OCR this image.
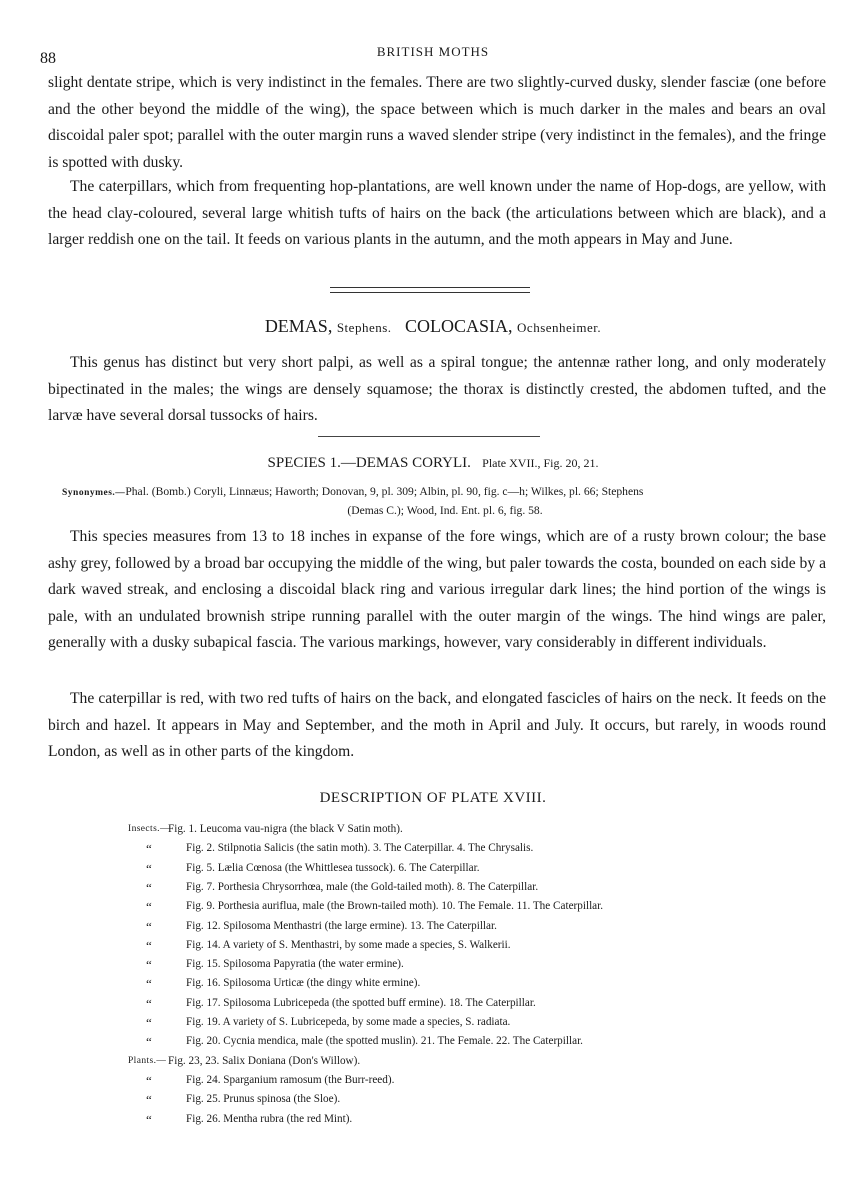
88	BRITISH MOTHS

slight dentate stripe, which is very indistinct in the females. There are two slightly-curved dusky, slender fasciæ (one before and the other beyond the middle of the wing), the space between which is much darker in the males and bears an oval discoidal paler spot; parallel with the outer margin runs a waved slender stripe (very indistinct in the females), and the fringe is spotted with dusky.

The caterpillars, which from frequenting hop-plantations, are well known under the name of Hop-dogs, are yellow, with the head clay-coloured, several large whitish tufts of hairs on the back (the articulations between which are black), and a larger reddish one on the tail. It feeds on various plants in the autumn, and the moth appears in May and June.

DEMAS, Stephens. COLOCASIA, Ochsenheimer.

This genus has distinct but very short palpi, as well as a spiral tongue; the antennæ rather long, and only moderately bipectinated in the males; the wings are densely squamose; the thorax is distinctly crested, the abdomen tufted, and the larvæ have several dorsal tussocks of hairs.

SPECIES 1.—DEMAS CORYLI. Plate XVII., Fig. 20, 21.
Synonymes.—Phal. (Bomb.) Coryli, Linnæus; Haworth; Donovan, 9, pl. 309; Albin, pl. 90, fig. c—h; Wilkes, pl. 66; Stephens
(Demas C.); Wood, Ind. Ent. pl. 6, fig. 58.

This species measures from 13 to 18 inches in expanse of the fore wings, which are of a rusty brown colour; the base ashy grey, followed by a broad bar occupying the middle of the wing, but paler towards the costa, bounded on each side by a dark waved streak, and enclosing a discoidal black ring and various irregular dark lines; the hind portion of the wings is pale, with an undulated brownish stripe running parallel with the outer margin of the wings. The hind wings are paler, generally with a dusky subapical fascia. The various markings, however, vary considerably in different individuals.

The caterpillar is red, with two red tufts of hairs on the back, and elongated fascicles of hairs on the neck. It feeds on the birch and hazel. It appears in May and September, and the moth in April and July. It occurs, but rarely, in woods round London, as well as in other parts of the kingdom.

DESCRIPTION OF PLATE XVIII.
Insects.—
Fig. 1. Leucoma vau-nigra (the black V Satin moth).
“	Fig. 2. Stilpnotia Salicis (the satin moth). 3. The Caterpillar. 4. The Chrysalis.
“	Fig. 5. Lælia Cœnosa (the Whittlesea tussock). 6. The Caterpillar.
“	Fig. 7. Porthesia Chrysorrhœa, male (the Gold-tailed moth). 8. The Caterpillar.
“	Fig. 9. Porthesia auriflua, male (the Brown-tailed moth). 10. The Female. 11. The Caterpillar.
“	Fig. 12. Spilosoma Menthastri (the large ermine). 13. The Caterpillar.
“	Fig. 14. A variety of S. Menthastri, by some made a species, S. Walkerii.
“	Fig. 15. Spilosoma Papyratia (the water ermine).
“	Fig. 16. Spilosoma Urticæ (the dingy white ermine).
“	Fig. 17. Spilosoma Lubricepeda (the spotted buff ermine). 18. The Caterpillar.
“	Fig. 19. A variety of S. Lubricepeda, by some made a species, S. radiata.
“	Fig. 20. Cycnia mendica, male (the spotted muslin). 21. The Female. 22. The Caterpillar.
Plants.— Fig. 23, 23. Salix Doniana (Don's Willow).
“	Fig. 24. Sparganium ramosum (the Burr-reed).
“	Fig. 25. Prunus spinosa (the Sloe).
“	Fig. 26. Mentha rubra (the red Mint).
